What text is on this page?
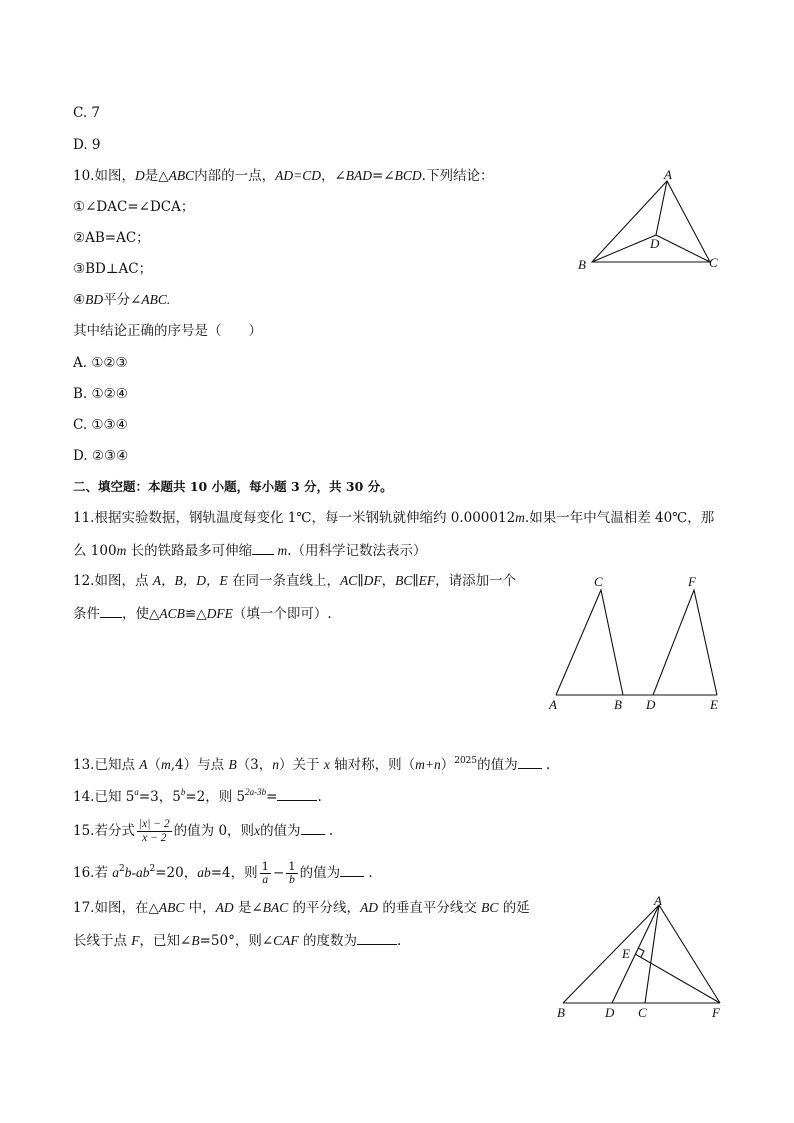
C. 7
D. 9
10.如图，D是△ABC内部的一点，AD=CD，∠BAD=∠BCD.下列结论：
①∠DAC=∠DCA；
②AB=AC；
③BD⊥AC；
④BD平分∠ABC.
其中结论正确的序号是（　　）
A. ①②③
B. ①②④
C. ①③④
D. ②③④
A
B	C
D
二、填空题：本题共 10 小题，每小题 3 分，共 30 分。
11.根据实验数据，钢轨温度每变化 1℃，每一米钢轨就伸缩约 0.000012m.如果一年中气温相差 40℃，那
么 100m 长的铁路最多可伸缩 m.（用科学记数法表示）
12.如图，点 A，B，D，E 在同一条直线上，AC∥DF，BC∥EF，请添加一个
条件 ，使△ACB≌△DFE（填一个即可）.
C	F
A	B D	E
13.已知点 A（m,4）与点 B（3，n）关于 x 轴对称，则$(m+n)^{2025}$的值为 .
14.已知 $5^a=3$，$5^b=2$，则 $5^{2a-3b}=$	.
15.若分式 $\frac{|x| - 2}{x - 2}$ 的值为 0，则x的值为 .
16.若 $a^2b-ab^2=20$，ab=4，则 $\frac{1}{a} - \frac{1}{b}$ 的值为 .
17.如图，在△ABC 中，AD 是∠BAC 的平分线，AD 的垂直平分线交 BC 的延
长线于点 F，已知∠B=50°，则∠CAF 的度数为	.
A
E
B	D C	F
